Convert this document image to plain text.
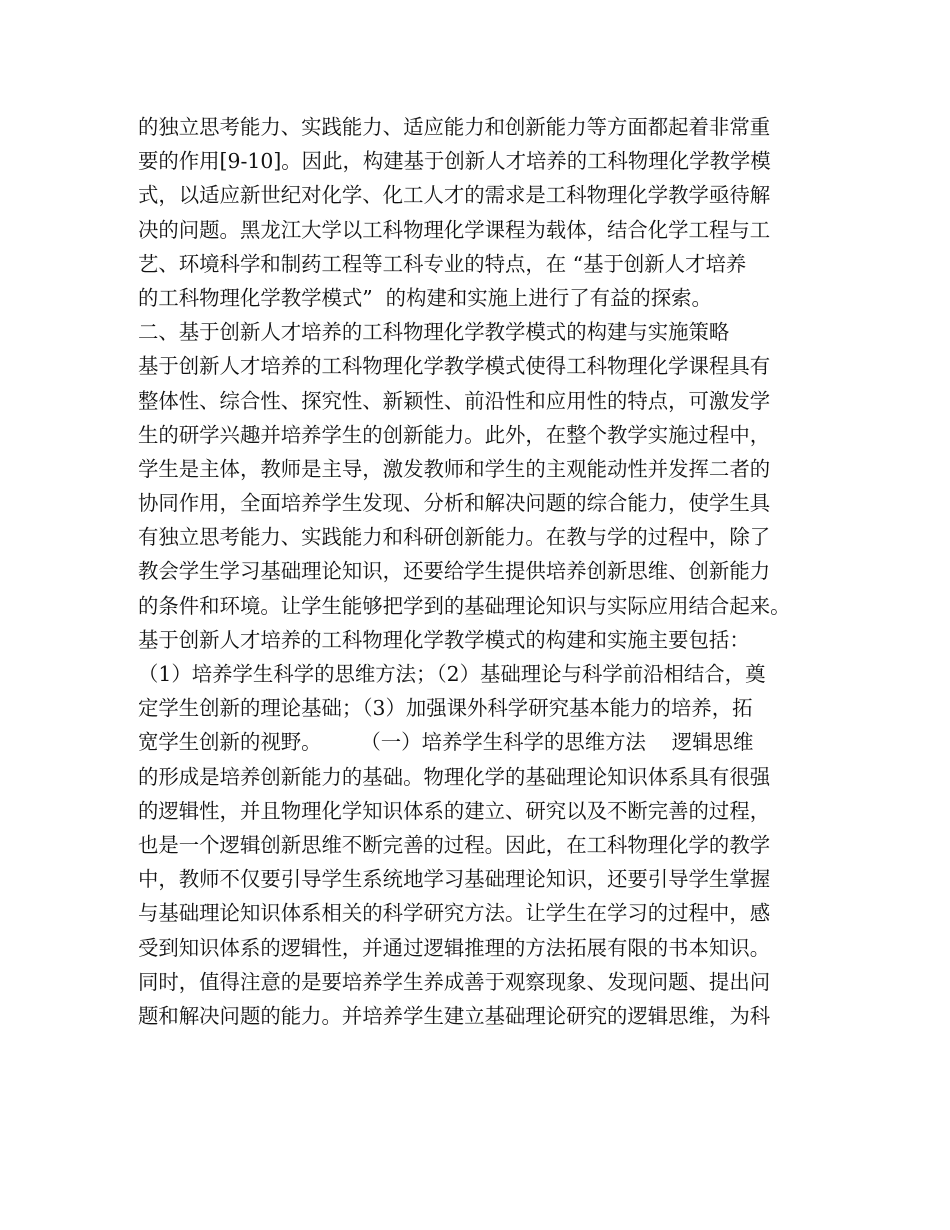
的独立思考能力、实践能力、适应能力和创新能力等方面都起着非常重
要的作用[9-10]。因此，构建基于创新人才培养的工科物理化学教学模
式，以适应新世纪对化学、化工人才的需求是工科物理化学教学亟待解
决的问题。黑龙江大学以工科物理化学课程为载体，结合化学工程与工
艺、环境科学和制药工程等工科专业的特点，在 “基于创新人才培养
的工科物理化学教学模式”  的构建和实施上进行了有益的探索。
二、基于创新人才培养的工科物理化学教学模式的构建与实施策略
基于创新人才培养的工科物理化学教学模式使得工科物理化学课程具有
整体性、综合性、探究性、新颖性、前沿性和应用性的特点，可激发学
生的研学兴趣并培养学生的创新能力。此外，在整个教学实施过程中，
学生是主体，教师是主导，激发教师和学生的主观能动性并发挥二者的
协同作用，全面培养学生发现、分析和解决问题的综合能力，使学生具
有独立思考能力、实践能力和科研创新能力。在教与学的过程中，除了
教会学生学习基础理论知识，还要给学生提供培养创新思维、创新能力
的条件和环境。让学生能够把学到的基础理论知识与实际应用结合起来。
基于创新人才培养的工科物理化学教学模式的构建和实施主要包括：
（1）培养学生科学的思维方法；（2）基础理论与科学前沿相结合，奠
定学生创新的理论基础；（3）加强课外科学研究基本能力的培养，拓
宽学生创新的视野。      （一）培养学生科学的思维方法    逻辑思维
的形成是培养创新能力的基础。物理化学的基础理论知识体系具有很强
的逻辑性，并且物理化学知识体系的建立、研究以及不断完善的过程，
也是一个逻辑创新思维不断完善的过程。因此，在工科物理化学的教学
中，教师不仅要引导学生系统地学习基础理论知识，还要引导学生掌握
与基础理论知识体系相关的科学研究方法。让学生在学习的过程中，感
受到知识体系的逻辑性，并通过逻辑推理的方法拓展有限的书本知识。
同时，值得注意的是要培养学生养成善于观察现象、发现问题、提出问
题和解决问题的能力。并培养学生建立基础理论研究的逻辑思维，为科
